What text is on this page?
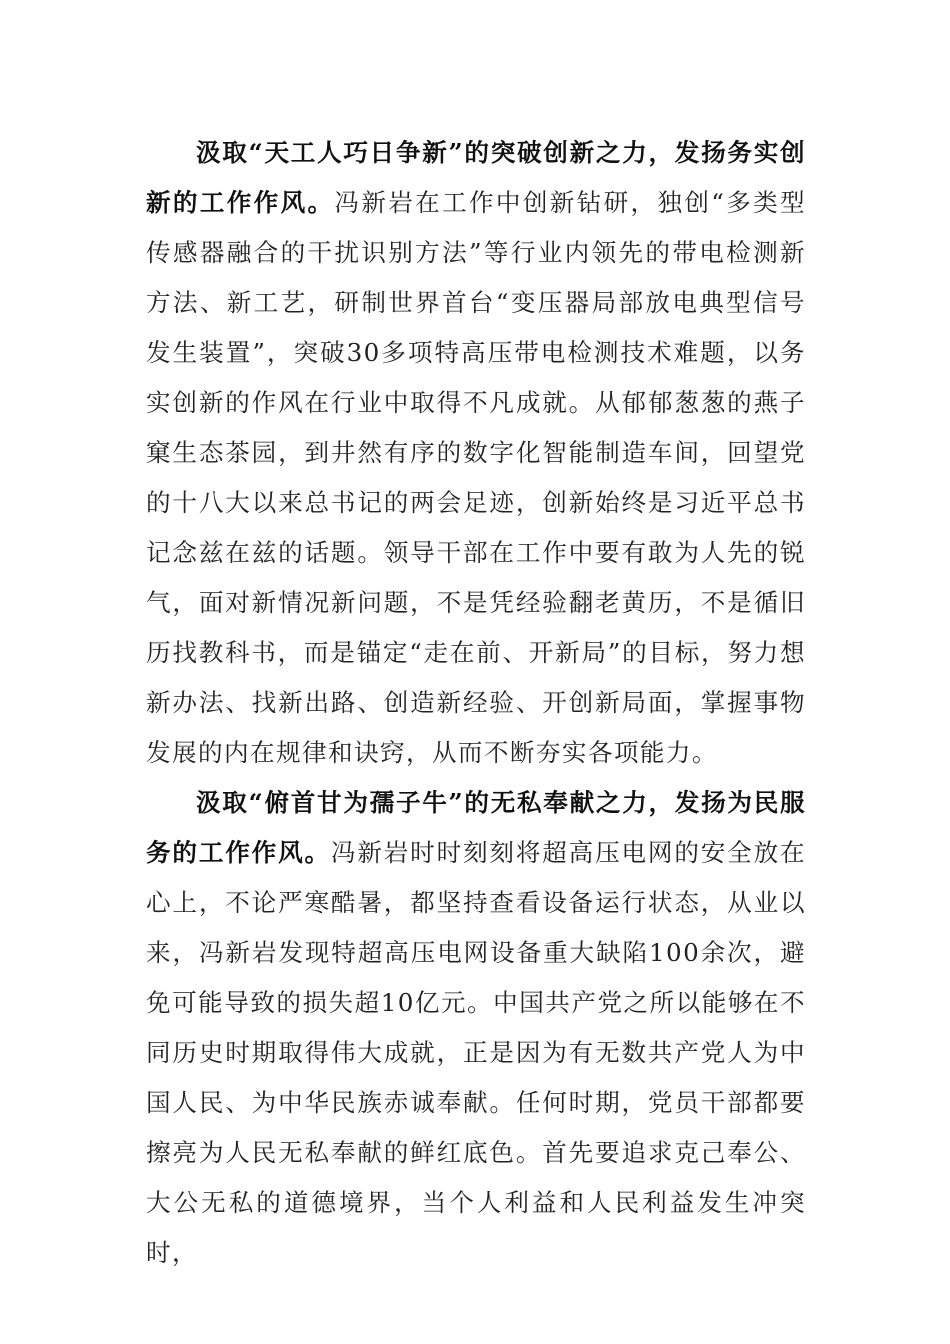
汲取“天工人巧日争新”的突破创新之力，发扬务实创新的工作作风。冯新岩在工作中创新钻研，独创“多类型传感器融合的干扰识别方法”等行业内领先的带电检测新方法、新工艺，研制世界首台“变压器局部放电典型信号发生装置”，突破30多项特高压带电检测技术难题，以务实创新的作风在行业中取得不凡成就。从郁郁葱葱的燕子窠生态茶园，到井然有序的数字化智能制造车间，回望党的十八大以来总书记的两会足迹，创新始终是习近平总书记念兹在兹的话题。领导干部在工作中要有敢为人先的锐气，面对新情况新问题，不是凭经验翻老黄历，不是循旧历找教科书，而是锚定“走在前、开新局”的目标，努力想新办法、找新出路、创造新经验、开创新局面，掌握事物发展的内在规律和诀窍，从而不断夯实各项能力。

汲取“俯首甘为孺子牛”的无私奉献之力，发扬为民服务的工作作风。冯新岩时时刻刻将超高压电网的安全放在心上，不论严寒酷暑，都坚持查看设备运行状态，从业以来，冯新岩发现特超高压电网设备重大缺陷100余次，避免可能导致的损失超10亿元。中国共产党之所以能够在不同历史时期取得伟大成就，正是因为有无数共产党人为中国人民、为中华民族赤诚奉献。任何时期，党员干部都要擦亮为人民无私奉献的鲜红底色。首先要追求克己奉公、大公无私的道德境界，当个人利益和人民利益发生冲突时，
